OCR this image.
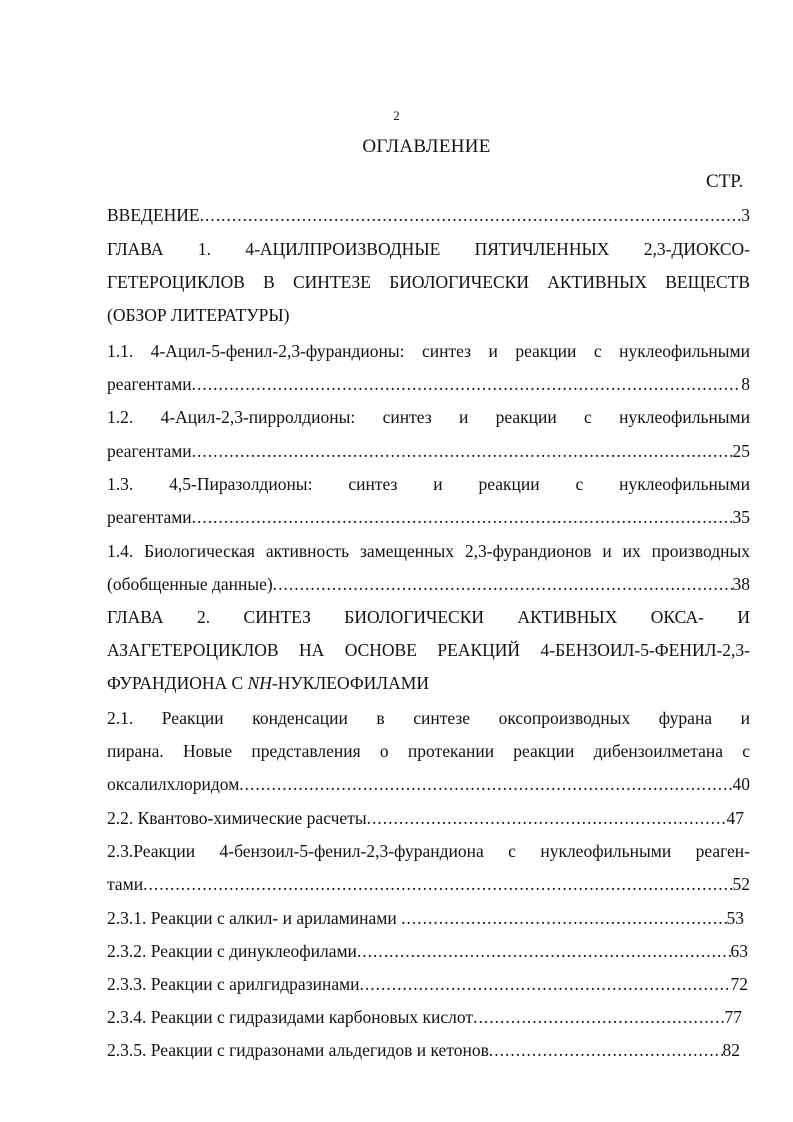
2
ОГЛАВЛЕНИЕ
СТР.
ВВЕДЕНИЕ .....	3
ГЛАВА 1. 4-АЦИЛПРОИЗВОДНЫЕ ПЯТИЧЛЕННЫХ 2,3-ДИОКСО-
ГЕТЕРОЦИКЛОВ В СИНТЕЗЕ БИОЛОГИЧЕСКИ АКТИВНЫХ ВЕЩЕСТВ
(ОБЗОР ЛИТЕРАТУРЫ)
1.1. 4-Ацил-5-фенил-2,3-фурандионы: синтез и реакции с нуклеофильными
реагентами .....	8
1.2. 4-Ацил-2,3-пирролдионы: синтез и реакции с нуклеофильными
реагентами .....	25
1.3. 4,5-Пиразолдионы: синтез и реакции с нуклеофильными
реагентами .....	35
1.4. Биологическая активность замещенных 2,3-фурандионов и их производных
(обобщенные данные) .....	38
ГЛАВА 2. СИНТЕЗ БИОЛОГИЧЕСКИ АКТИВНЫХ ОКСА- И
АЗАГЕТЕРОЦИКЛОВ НА ОСНОВЕ РЕАКЦИЙ 4-БЕНЗОИЛ-5-ФЕНИЛ-2,3-
ФУРАНДИОНА С NH-НУКЛЕОФИЛАМИ
2.1. Реакции конденсации в синтезе оксопроизводных фурана и
пирана. Новые представления о протекании реакции дибензоилметана с
оксалилхлоридом .....	40
2.2. Квантово-химические расчеты .....	47
2.3.Реакции 4-бензоил-5-фенил-2,3-фурандиона с нуклеофильными реаген-
тами .....	52
2.3.1. Реакции с алкил- и ариламинами .....	53
2.3.2. Реакции с динуклеофилами .....	63
2.3.3. Реакции с арилгидразинами .....	72
2.3.4. Реакции с гидразидами карбоновых кислот .....	77
2.3.5. Реакции с гидразонами альдегидов и кетонов .....	82
